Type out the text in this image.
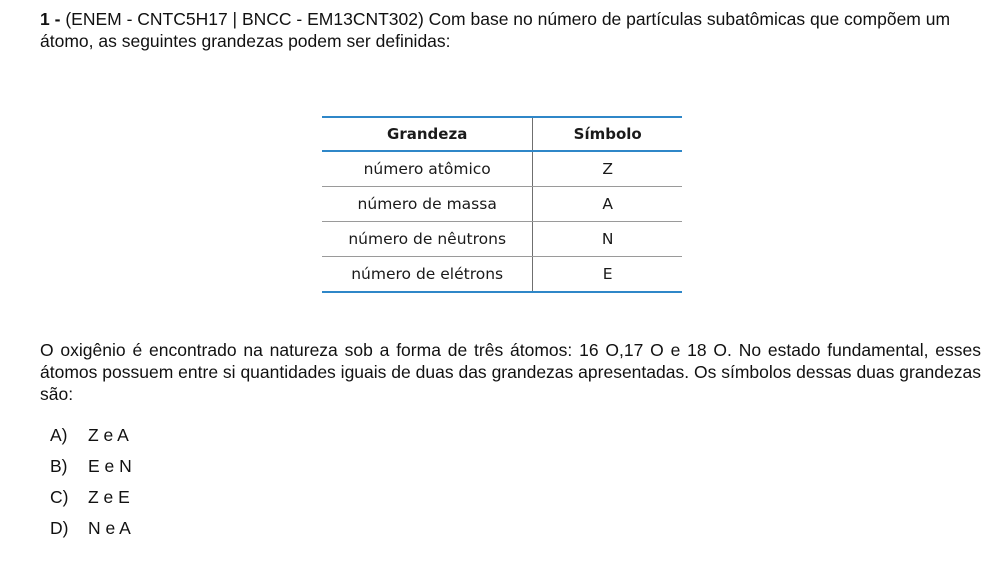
1 - (ENEM - CNTC5H17 | BNCC - EM13CNT302) Com base no número de partículas subatômicas que compõem um átomo, as seguintes grandezas podem ser definidas:
Grandeza	Símbolo
número atômico	Z
número de massa	A
número de nêutrons	N
número de elétrons	E
O oxigênio é encontrado na natureza sob a forma de três átomos: 16 O,17 O e 18 O. No estado fundamental, esses átomos possuem entre si quantidades iguais de duas das grandezas apresentadas. Os símbolos dessas duas grandezas são:
A)	Z e A
B)	E e N
C)	Z e E
D)	N e A
